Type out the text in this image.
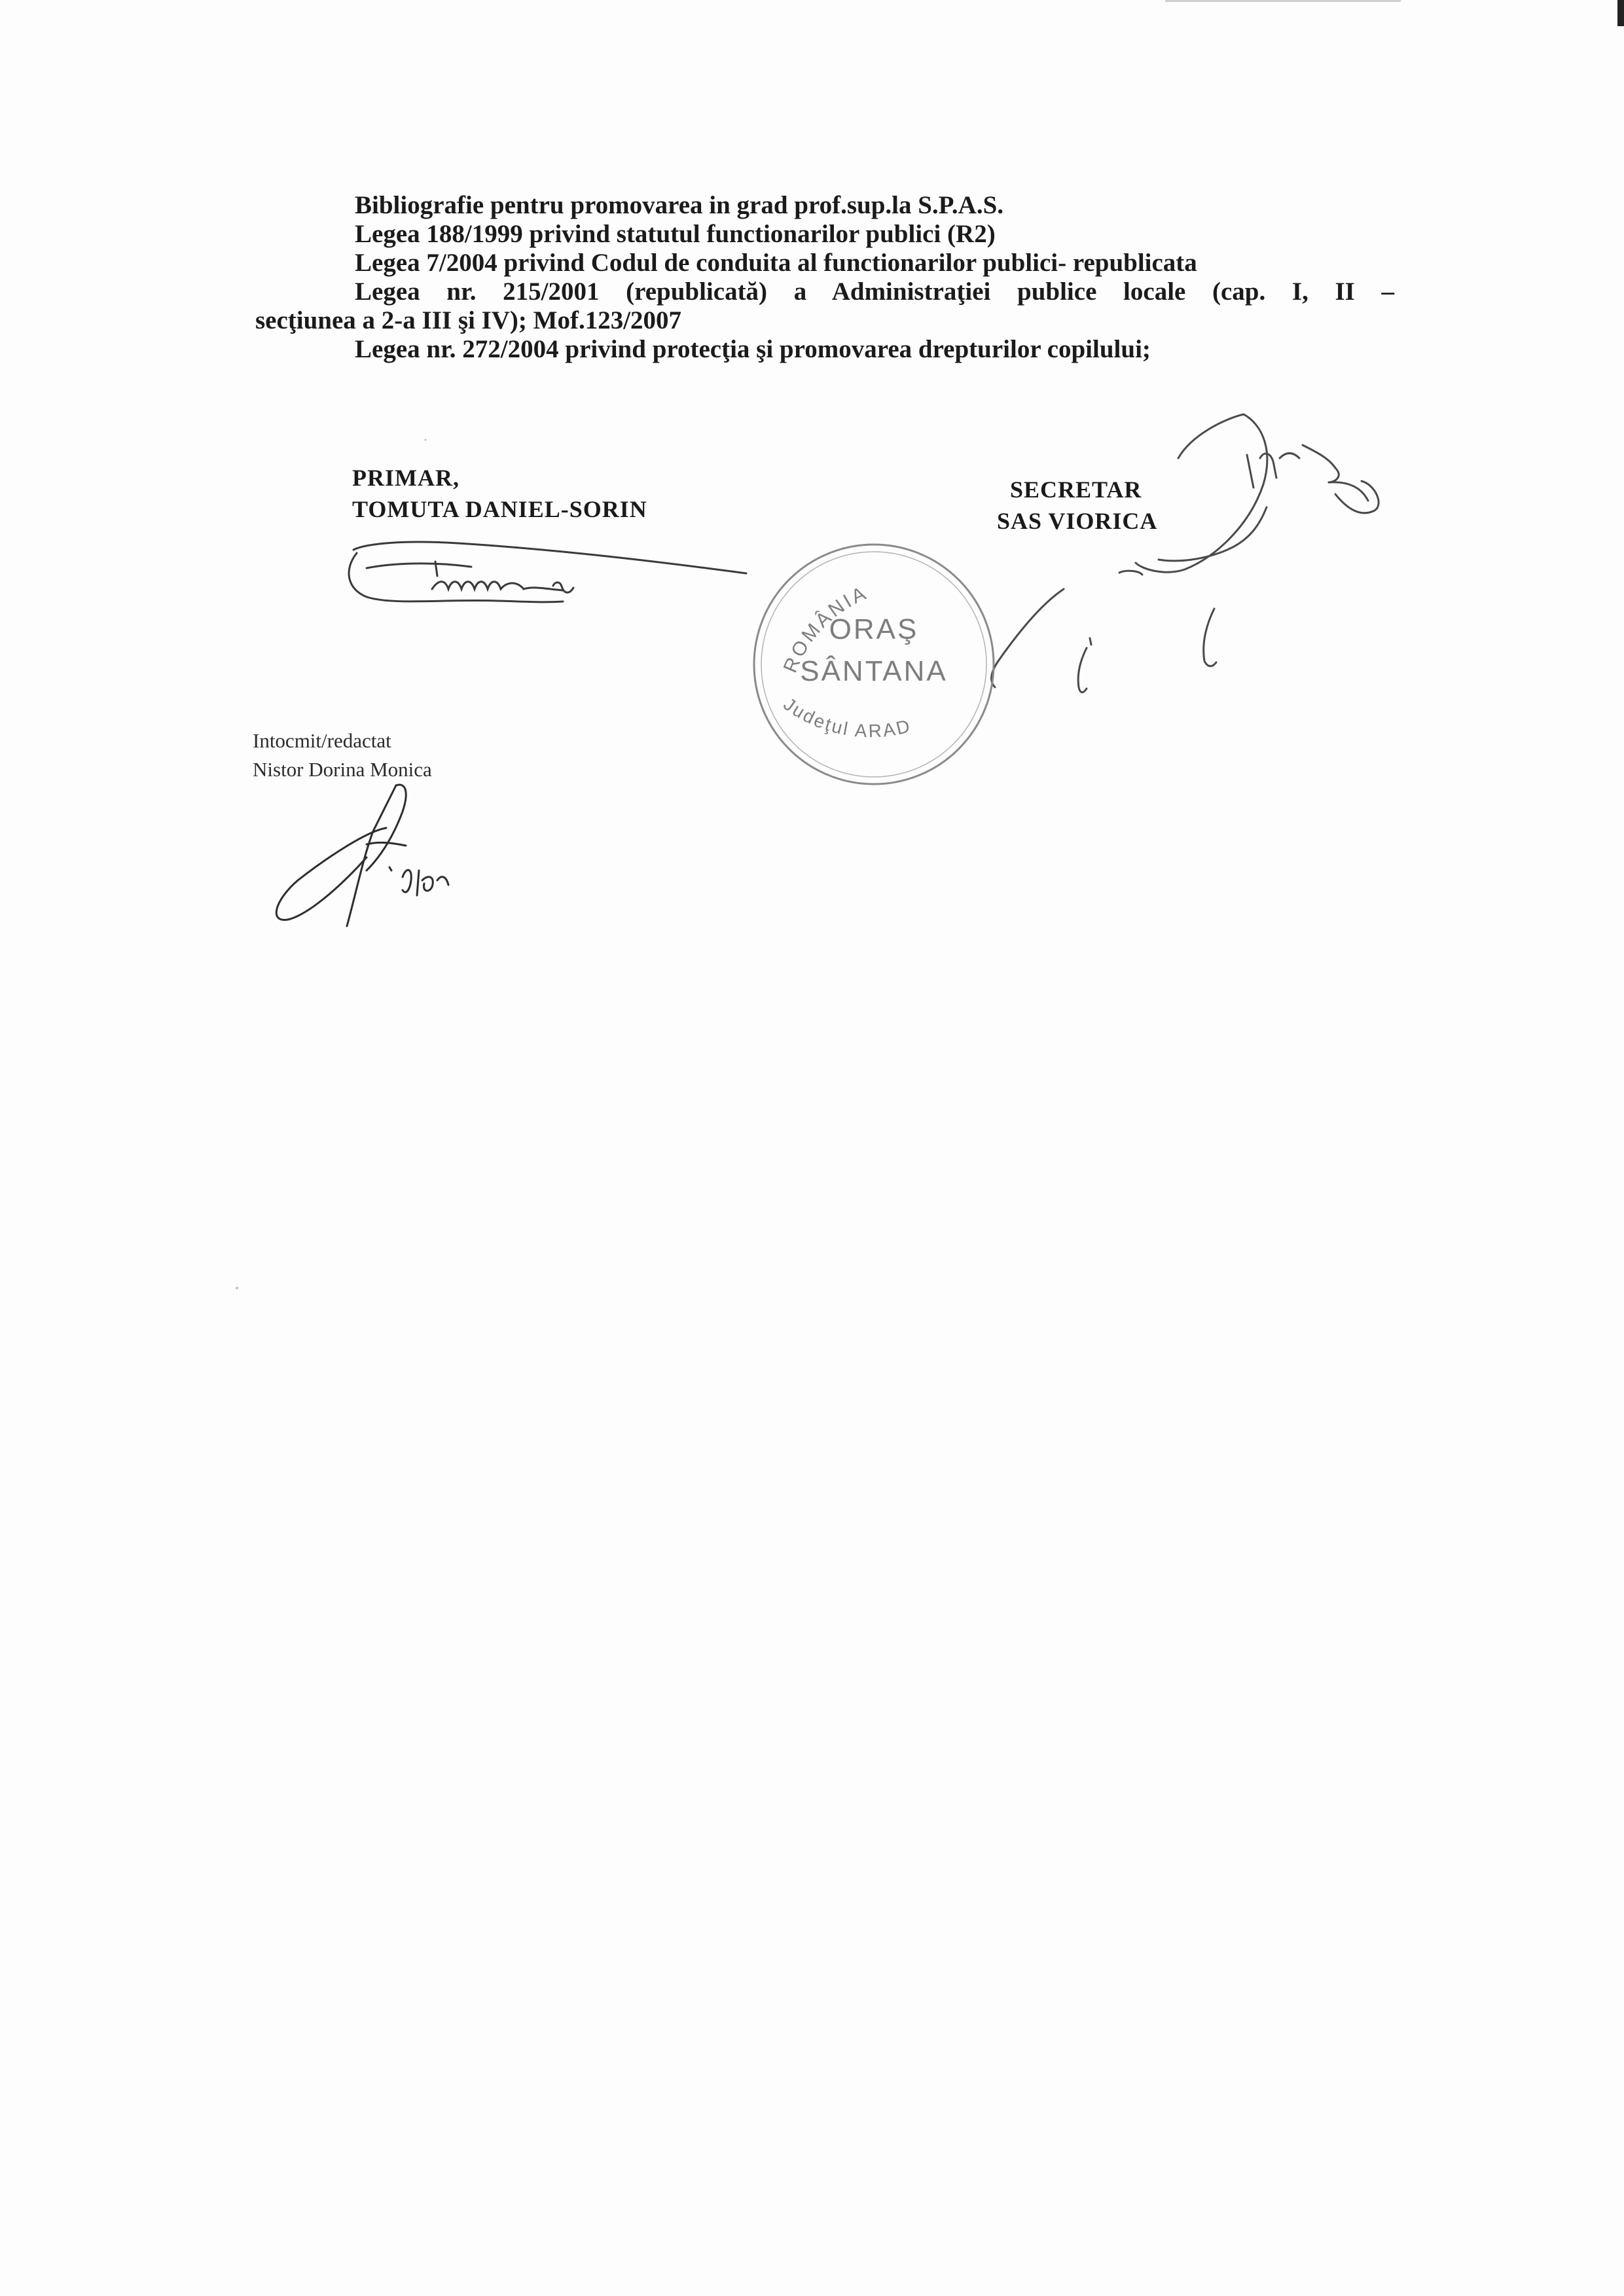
Bibliografie pentru promovarea in grad prof.sup.la S.P.A.S.
Legea 188/1999 privind statutul functionarilor publici (R2)
Legea 7/2004 privind Codul de conduita al functionarilor publici- republicata
Legea nr. 215/2001 (republicată) a Administraţiei publice locale (cap. I, II –
secţiunea a 2-a III şi IV); Mof.123/2007
Legea nr. 272/2004 privind protecţia şi promovarea drepturilor copilului;
PRIMAR,
TOMUTA DANIEL-SORIN
SECRETAR
SAS VIORICA
Intocmit/redactat
Nistor Dorina Monica
ROMÂNIA
ORAŞ
SÂNTANA
Judeţul ARAD
